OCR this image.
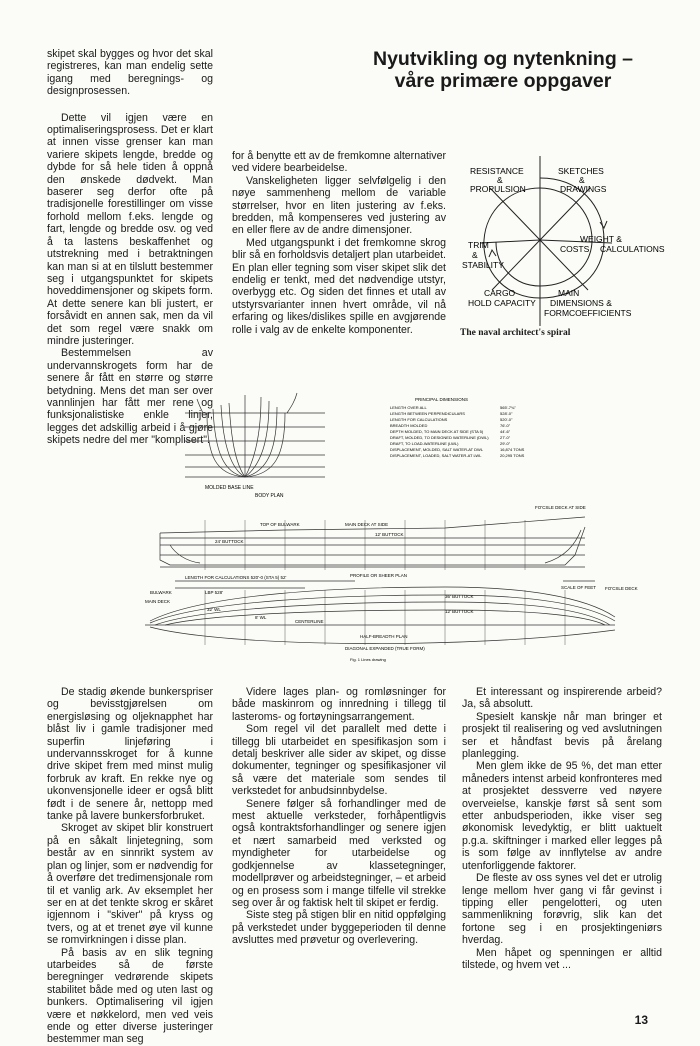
Nyutvikling og nytenkning –
våre primære oppgaver

skipet skal bygges og hvor det skal registreres, kan man endelig sette igang med beregnings- og designprosessen.

Dette vil igjen være en optimaliseringsprosess. Det er klart at innen visse grenser kan man variere skipets lengde, bredde og dybde for så hele tiden å oppnå den ønskede dødvekt. Man baserer seg derfor ofte på tradisjonelle forestillinger om visse forhold mellom f.eks. lengde og fart, lengde og bredde osv. og ved å ta lastens beskaffenhet og utstrekning med i betraktningen kan man si at en tilslutt bestemmer seg i utgangspunktet for skipets hoveddimensjoner og skipets form. At dette senere kan bli justert, er forsåvidt en annen sak, men da vil det som regel være snakk om mindre justeringer.

Bestemmelsen av undervannskrogets form har de senere år fått en større og større betydning. Mens det man ser over vannlinjen har fått mer rene og funksjonalistiske enkle linjer, legges det adskillig arbeid i å gjøre skipets nedre del mer "komplisert".

for å benytte ett av de fremkomne alternativer ved videre bearbeidelse.

Vanskeligheten ligger selvfølgelig i den nøye sammenheng mellom de variable størrelser, hvor en liten justering av f.eks. bredden, må kompenseres ved justering av en eller flere av de andre dimensjoner.

Med utgangspunkt i det fremkomne skrog blir så en forholdsvis detaljert plan utarbeidet. En plan eller tegning som viser skipet slik det endelig er tenkt, med det nødvendige utstyr, overbygg etc. Og siden det finnes et utall av utstyrsvarianter innen hvert område, vil nå erfaring og likes/dislikes spille en avgjørende rolle i valg av de enkelte komponenter.

RESISTANCE
&
PROPULSION
SKETCHES
&
DRAWINGS
TRIM
&
STABILITY
WEIGHT &
COSTS CALCULATIONS
CARGO
HOLD CAPACITY
MAIN
DIMENSIONS &
FORMCOEFFICIENTS
The naval architect's spiral
MOLDED BASE LINE
BODY PLAN
PRINCIPAL DIMENSIONS
LENGTH OVER ALL	565'-7¾"
LENGTH BETWEEN PERPENDICULARS	528'-0"
LENGTH FOR CALCULATIONS	520'-0"
BREADTH MOLDED	76'-0"
DEPTH MOLDED, TO MAIN DECK AT SIDE (STA 5)	44'-6"
DRAFT, MOLDED, TO DESIGNED WATERLINE (DWL)	27'-0"
DRAFT, TO LOAD-WATERLINE (LWL)	29'-0"
DISPLACEMENT, MOLDED, SALT WATER-AT DWL	16,874 TONS
DISPLACEMENT, LOADED, SALT WATER-AT LWL	20,295 TONS
TOP OF BULWARK	MAIN DECK AT SIDE
FO'CSLE DECK AT SIDE
24' BUTTOCK
12' BUTTOCK
LENGTH FOR CALCULATIONS 520'-0 (STA 5) 52'
LBP 528'
PROFILE OR SHEER PLAN
SCALE OF FEET
BULWARK
MAIN DECK
FO'CSLE DECK
32' WL
8' WL
36' BUTTOCK
12' BUTTOCK
CENTERLINE
HALF-BREADTH PLAN
DIAGONAL EXPANDED (TRUE FORM)
Fig. 1 Lines drawing

De stadig økende bunkerspriser og bevisstgjørelsen om energisløsing og oljeknapphet har blåst liv i gamle tradisjoner med superfin linjeføring i undervannsskroget for å kunne drive skipet frem med minst mulig forbruk av kraft. En rekke nye og ukonvensjonelle ideer er også blitt født i de senere år, nettopp med tanke på lavere bunkersforbruket.

Skroget av skipet blir konstruert på en såkalt linjetegning, som består av en sinnrikt system av plan og linjer, som er nødvendig for å overføre det tredimensjonale rom til et vanlig ark. Av eksemplet her ser en at det tenkte skrog er skåret igjennom i "skiver" på kryss og tvers, og at et trenet øye vil kunne se romvirkningen i disse plan.

På basis av en slik tegning utarbeides så de første beregninger vedrørende skipets stabilitet både med og uten last og bunkers. Optimalisering vil igjen være et nøkkelord, men ved veis ende og etter diverse justeringer bestemmer man seg

Videre lages plan- og romløsninger for både maskinrom og innredning i tillegg til lasteroms- og fortøyningsarrangement.

Som regel vil det parallelt med dette i tillegg bli utarbeidet en spesifikasjon som i detalj beskriver alle sider av skipet, og disse dokumenter, tegninger og spesifikasjoner vil så være det materiale som sendes til verkstedet for anbudsinnbydelse.

Senere følger så forhandlinger med de mest aktuelle verksteder, forhåpentligvis også kontraktsforhandlinger og senere igjen et nært samarbeid med verksted og myndigheter for utarbeidelse og godkjennelse av klassetegninger, modellprøver og arbeidstegninger, – et arbeid og en prosess som i mange tilfelle vil strekke seg over år og faktisk helt til skipet er ferdig.

Siste steg på stigen blir en nitid oppfølging på verkstedet under byggeperioden til denne avsluttes med prøvetur og overlevering.

Et interessant og inspirerende arbeid? Ja, så absolutt.

Spesielt kanskje når man bringer et prosjekt til realisering og ved avslutningen ser et håndfast bevis på årelang planlegging.

Men glem ikke de 95 %, det man etter måneders intenst arbeid konfronteres med at prosjektet dessverre ved nøyere overveielse, kanskje først så sent som etter anbudsperioden, ikke viser seg økonomisk levedyktig, er blitt uaktuelt p.g.a. skiftninger i marked eller legges på is som følge av innflytelse av andre utenforliggende faktorer.

De fleste av oss synes vel det er utrolig lenge mellom hver gang vi får gevinst i tipping eller pengelotteri, og uten sammenlikning forøvrig, slik kan det fortone seg i en prosjektingeniørs hverdag.

Men håpet og spenningen er alltid tilstede, og hvem vet ...

13
